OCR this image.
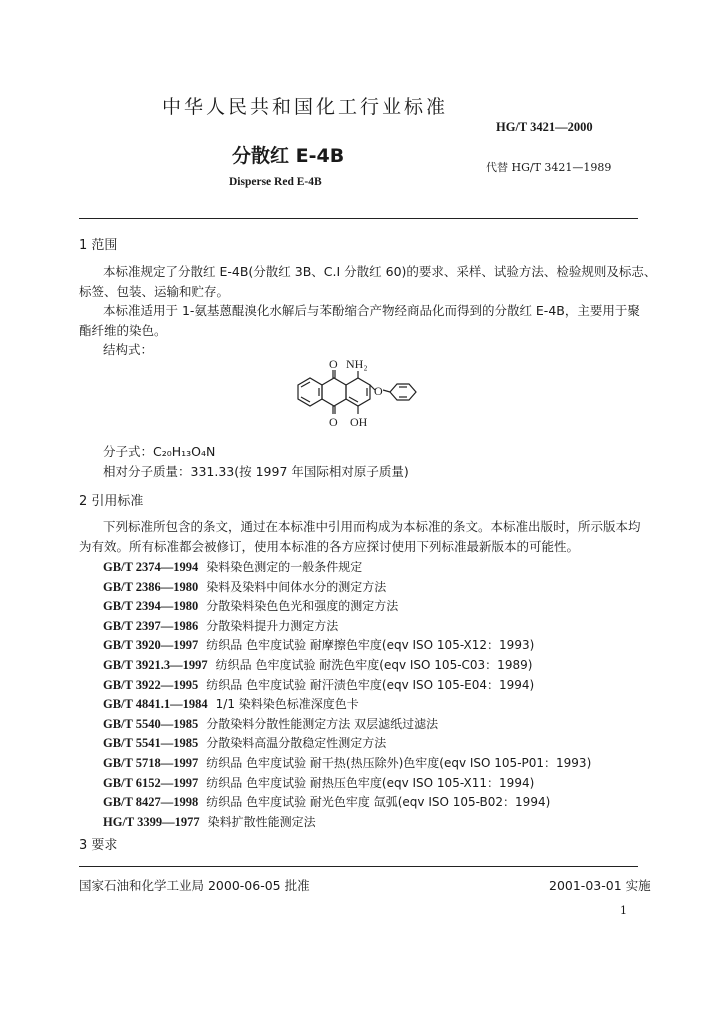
中华人民共和国化工行业标准
HG/T 3421—2000
分散红 E-4B
代替 HG/T 3421—1989
Disperse Red E-4B
1 范围
本标准规定了分散红 E-4B(分散红 3B、C.I 分散红 60)的要求、采样、试验方法、检验规则及标志、
标签、包装、运输和贮存。
本标准适用于 1-氨基蒽醌溴化水解后与苯酚缩合产物经商品化而得到的分散红 E-4B，主要用于聚
酯纤维的染色。
结构式：
O NH₂
O OH
O
分子式：C₂₀H₁₃O₄N
相对分子质量：331.33(按 1997 年国际相对原子质量)
2 引用标准
下列标准所包含的条文，通过在本标准中引用而构成为本标准的条文。本标准出版时，所示版本均
为有效。所有标准都会被修订，使用本标准的各方应探讨使用下列标准最新版本的可能性。
GB/T 2374—1994 染料染色测定的一般条件规定
GB/T 2386—1980 染料及染料中间体水分的测定方法
GB/T 2394—1980 分散染料染色色光和强度的测定方法
GB/T 2397—1986 分散染料提升力测定方法
GB/T 3920—1997 纺织品 色牢度试验 耐摩擦色牢度(eqv ISO 105-X12：1993)
GB/T 3921.3—1997 纺织品 色牢度试验 耐洗色牢度(eqv ISO 105-C03：1989)
GB/T 3922—1995 纺织品 色牢度试验 耐汗渍色牢度(eqv ISO 105-E04：1994)
GB/T 4841.1—1984 1/1 染料染色标准深度色卡
GB/T 5540—1985 分散染料分散性能测定方法 双层滤纸过滤法
GB/T 5541—1985 分散染料高温分散稳定性测定方法
GB/T 5718—1997 纺织品 色牢度试验 耐干热(热压除外)色牢度(eqv ISO 105-P01：1993)
GB/T 6152—1997 纺织品 色牢度试验 耐热压色牢度(eqv ISO 105-X11：1994)
GB/T 8427—1998 纺织品 色牢度试验 耐光色牢度 氙弧(eqv ISO 105-B02：1994)
HG/T 3399—1977 染料扩散性能测定法
3 要求
国家石油和化学工业局 2000-06-05 批准	2001-03-01 实施
1
